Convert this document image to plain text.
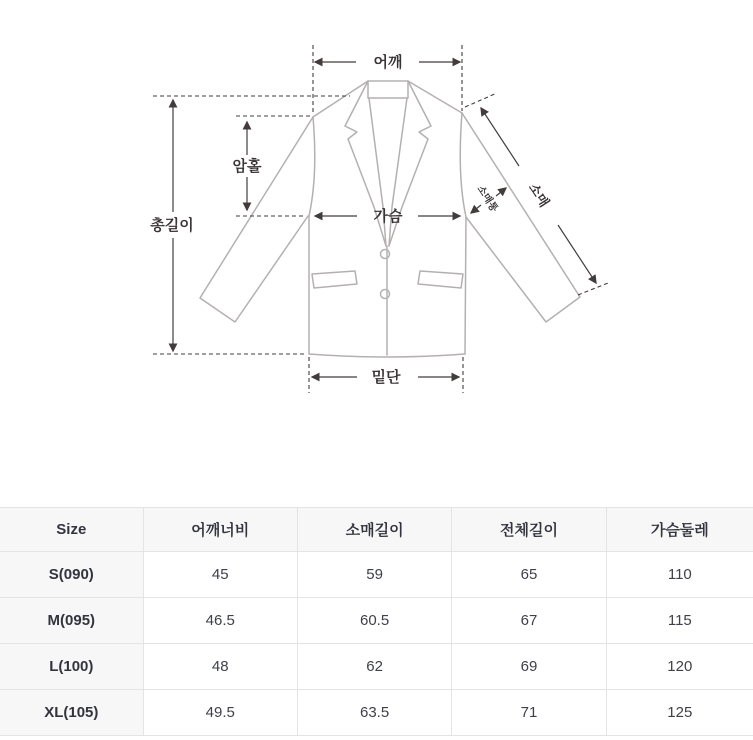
어깨
총길이
암홀
가슴
밑단
소매
소매통
Size	어깨너비	소매길이	전체길이	가슴둘레
S(090)	45	59	65	110
M(095)	46.5	60.5	67	115
L(100)	48	62	69	120
XL(105)	49.5	63.5	71	125
